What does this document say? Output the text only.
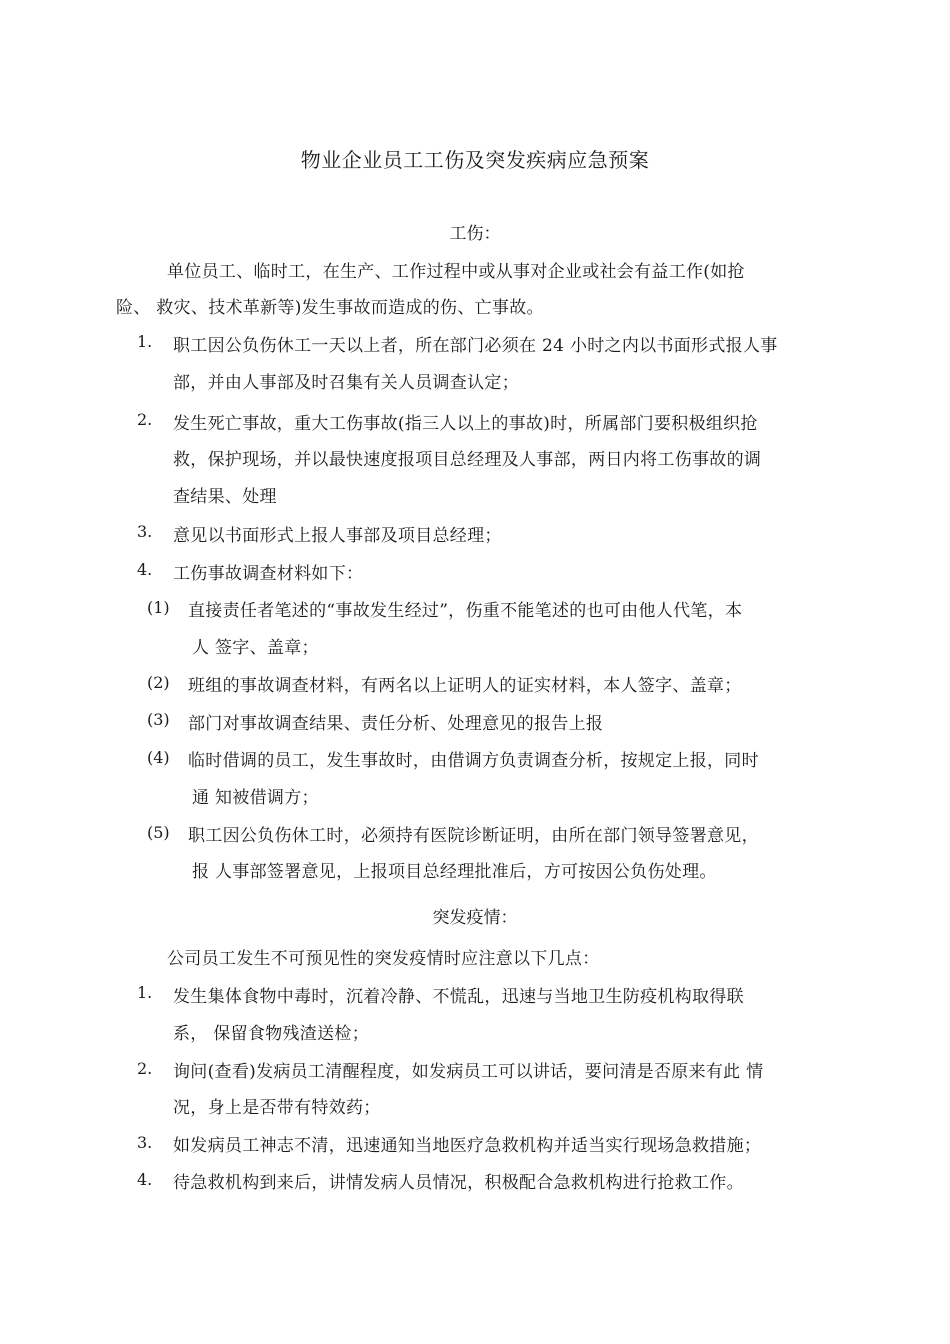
物业企业员工工伤及突发疾病应急预案
工伤：
单位员工、临时工，在生产、工作过程中或从事对企业或社会有益工作(如抢
险、 救灾、技术革新等)发生事故而造成的伤、亡事故。
1. 职工因公负伤休工一天以上者，所在部门必须在 24 小时之内以书面形式报人事
部，并由人事部及时召集有关人员调查认定；
2. 发生死亡事故，重大工伤事故(指三人以上的事故)时，所属部门要积极组织抢
救，保护现场，并以最快速度报项目总经理及人事部，两日内将工伤事故的调
查结果、处理
3. 意见以书面形式上报人事部及项目总经理；
4. 工伤事故调查材料如下：
(1) 直接责任者笔述的“事故发生经过”，伤重不能笔述的也可由他人代笔，本
人 签字、盖章；
(2) 班组的事故调查材料，有两名以上证明人的证实材料，本人签字、盖章；
(3) 部门对事故调查结果、责任分析、处理意见的报告上报
(4) 临时借调的员工，发生事故时，由借调方负责调查分析，按规定上报，同时
通 知被借调方；
(5) 职工因公负伤休工时，必须持有医院诊断证明，由所在部门领导签署意见，
报 人事部签署意见，上报项目总经理批准后，方可按因公负伤处理。
突发疫情：
公司员工发生不可预见性的突发疫情时应注意以下几点：
1. 发生集体食物中毒时，沉着冷静、不慌乱，迅速与当地卫生防疫机构取得联
系， 保留食物残渣送检；
2. 询问(查看)发病员工清醒程度，如发病员工可以讲话，要问清是否原来有此 情
况，身上是否带有特效药；
3. 如发病员工神志不清，迅速通知当地医疗急救机构并适当实行现场急救措施；
4. 待急救机构到来后，讲情发病人员情况，积极配合急救机构进行抢救工作。
